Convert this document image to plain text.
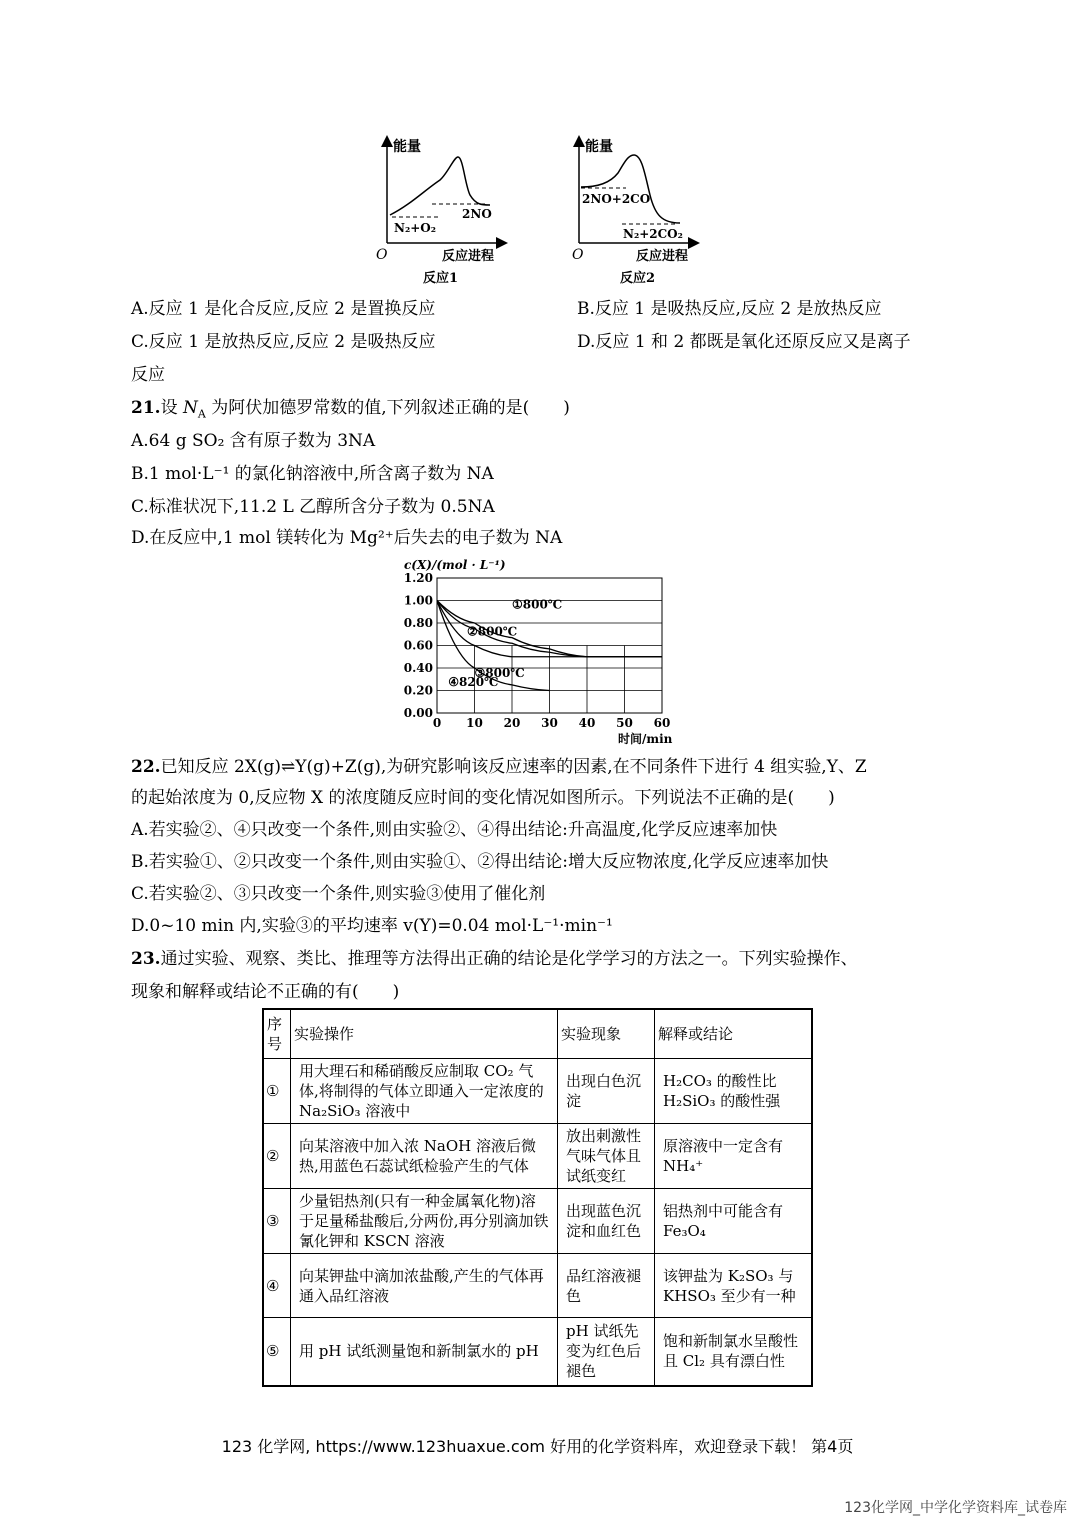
能量
O	反应进程
N₂+O₂
2NO
反应1
能量
O	反应进程
2NO+2CO
N₂+2CO₂
反应2
A.反应 1 是化合反应,反应 2 是置换反应	B.反应 1 是吸热反应,反应 2 是放热反应
C.反应 1 是放热反应,反应 2 是吸热反应	D.反应 1 和 2 都既是氧化还原反应又是离子
反应
21.设 $N_A$ 为阿伏加德罗常数的值,下列叙述正确的是(　　)
A.64 g SO₂ 含有原子数为 3NA
B.1 mol·L⁻¹ 的氯化钠溶液中,所含离子数为 NA
C.标准状况下,11.2 L 乙醇所含分子数为 0.5NA
D.在反应中,1 mol 镁转化为 Mg²⁺后失去的电子数为 NA
0.00
0.20
0.40
0.60
0.80
1.00
1.20
0 10 20 30 40 50 60
c(X)/(mol · L⁻¹)
时间/min
①800℃
②800℃
③800℃
④820℃
22.已知反应 2X(g)⇌Y(g)+Z(g),为研究影响该反应速率的因素,在不同条件下进行 4 组实验,Y、Z
的起始浓度为 0,反应物 X 的浓度随反应时间的变化情况如图所示。下列说法不正确的是(　　)
A.若实验②、④只改变一个条件,则由实验②、④得出结论:升高温度,化学反应速率加快
B.若实验①、②只改变一个条件,则由实验①、②得出结论:增大反应物浓度,化学反应速率加快
C.若实验②、③只改变一个条件,则实验③使用了催化剂
D.0~10 min 内,实验③的平均速率 v(Y)=0.04 mol·L⁻¹·min⁻¹
23.通过实验、观察、类比、推理等方法得出正确的结论是化学学习的方法之一。下列实验操作、
现象和解释或结论不正确的有(　　)
序号	实验操作	实验现象	解释或结论
①	用大理石和稀硝酸反应制取 CO₂ 气体,将制得的气体立即通入一定浓度的 Na₂SiO₃ 溶液中	出现白色沉淀	H₂CO₃ 的酸性比 H₂SiO₃ 的酸性强
②	向某溶液中加入浓 NaOH 溶液后微热,用蓝色石蕊试纸检验产生的气体	放出刺激性气味气体且试纸变红	原溶液中一定含有 NH₄⁺
③	少量铝热剂(只有一种金属氧化物)溶于足量稀盐酸后,分两份,再分别滴加铁氰化钾和 KSCN 溶液	出现蓝色沉淀和血红色	铝热剂中可能含有 Fe₃O₄
④	向某钾盐中滴加浓盐酸,产生的气体再通入品红溶液	品红溶液褪色	该钾盐为 K₂SO₃ 与 KHSO₃ 至少有一种
⑤	用 pH 试纸测量饱和新制氯水的 pH	pH 试纸先变为红色后褪色	饱和新制氯水呈酸性且 Cl₂ 具有漂白性
123 化学网, https://www.123huaxue.com 好用的化学资料库，欢迎登录下载！ 第4页
123化学网_中学化学资料库_试卷库
